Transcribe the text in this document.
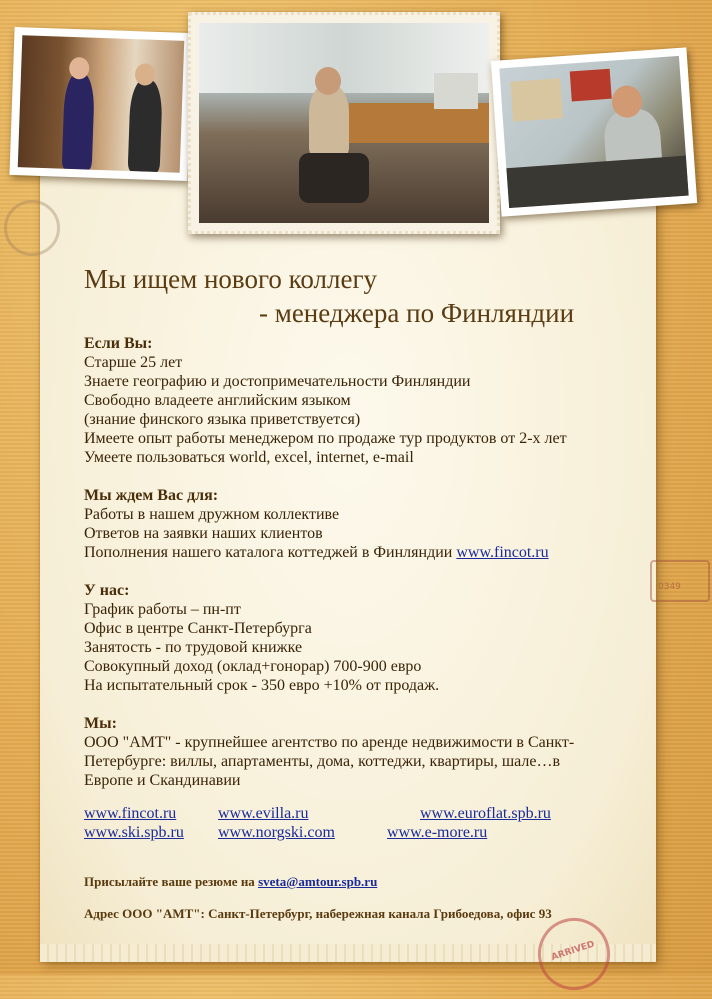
0349
ARRIVED
Мы ищем нового коллегу
- менеджера по Финляндии
Если Вы:
Старше 25 лет
Знаете географию и достопримечательности Финляндии
Свободно владеете английским языком
(знание финского языка приветствуется)
Имеете опыт работы менеджером по продаже тур продуктов от 2-х лет
Умеете пользоваться world, excel, internet, e-mail
Мы ждем Вас для:
Работы в нашем дружном коллективе
Ответов на заявки наших клиентов
Пополнения нашего каталога коттеджей в Финляндии www.fincot.ru
У нас:
График работы – пн-пт
Офис в центре Санкт-Петербурга
Занятость - по трудовой книжке
Совокупный доход (оклад+гонорар) 700-900 евро
На испытательный срок - 350 евро +10% от продаж.
Мы:
ООО "АМТ" - крупнейшее агентство по аренде недвижимости в Санкт-
Петербурге: виллы, апартаменты, дома, коттеджи, квартиры, шале…в
Европе и Скандинавии
www.fincot.ru	www.evilla.ru	www.euroflat.spb.ru
www.ski.spb.ru www.norgski.com	www.e-more.ru
Присылайте ваше резюме на sveta@amtour.spb.ru
Адрес ООО "АМТ": Санкт-Петербург, набережная канала Грибоедова, офис 93
